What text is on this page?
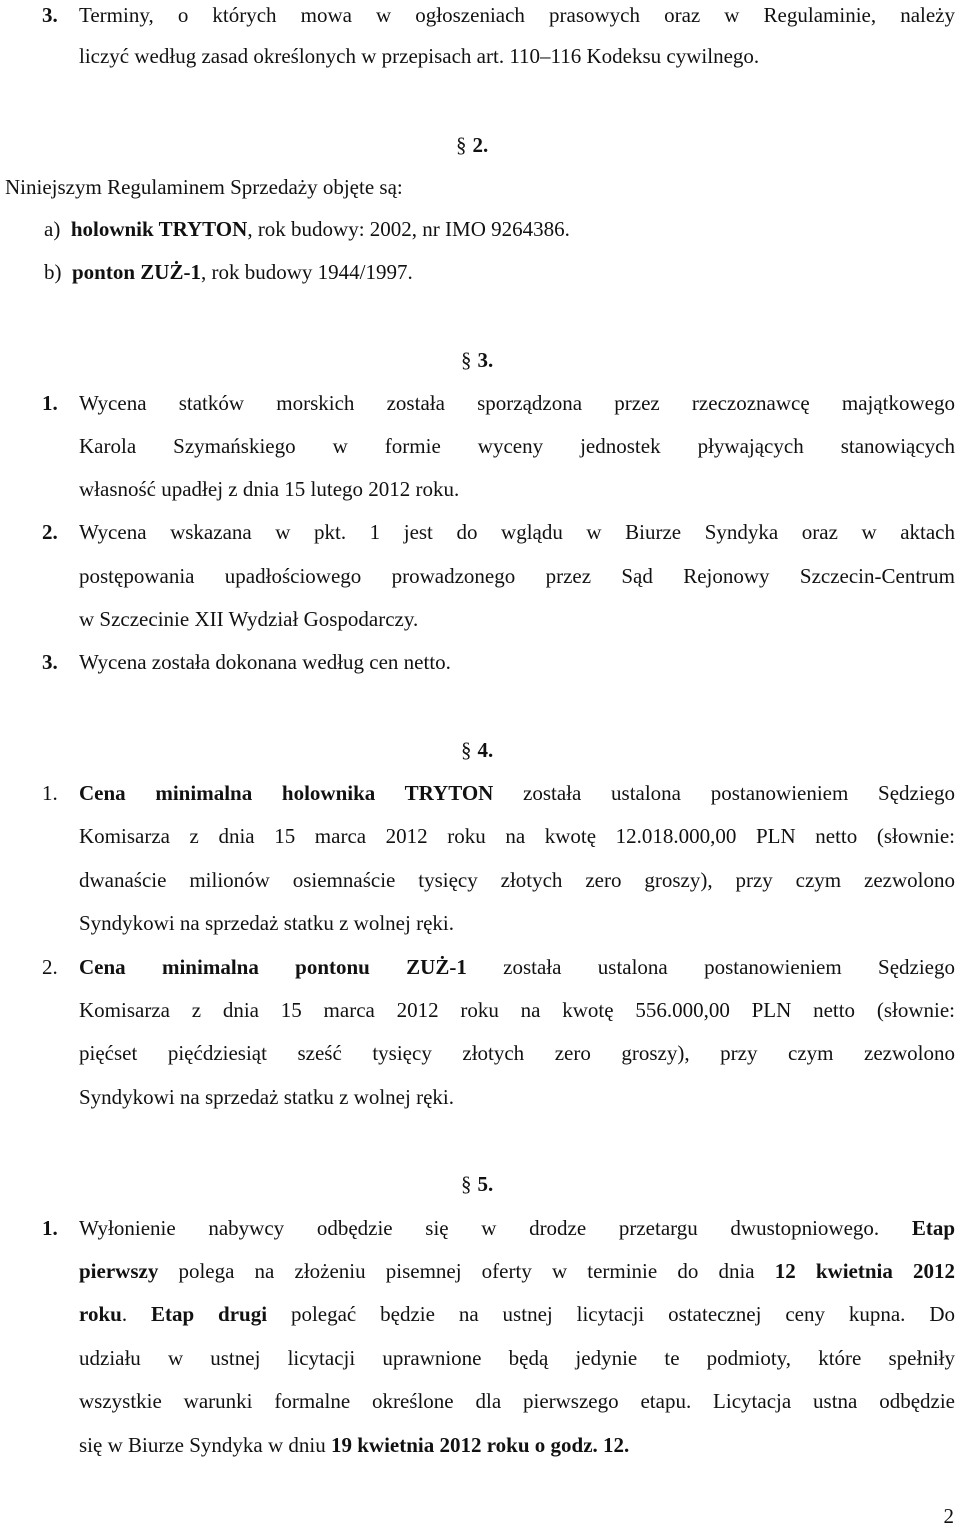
3. Terminy, o których mowa w ogłoszeniach prasowych oraz w Regulaminie, należy
liczyć według zasad określonych w przepisach art. 110–116 Kodeksu cywilnego.
§ 2.
Niniejszym Regulaminem Sprzedaży objęte są:
a) holownik TRYTON, rok budowy: 2002, nr IMO 9264386.
b) ponton ZUŻ-1, rok budowy 1944/1997.
§ 3.
1. Wycena statków morskich została sporządzona przez rzeczoznawcę majątkowego
Karola Szymańskiego w formie wyceny jednostek pływających stanowiących
własność upadłej z dnia 15 lutego 2012 roku.
2. Wycena wskazana w pkt. 1 jest do wglądu w Biurze Syndyka oraz w aktach
postępowania upadłościowego prowadzonego przez Sąd Rejonowy Szczecin-Centrum
w Szczecinie XII Wydział Gospodarczy.
3. Wycena została dokonana według cen netto.
§ 4.
1. Cena minimalna holownika TRYTON została ustalona postanowieniem Sędziego
Komisarza z dnia 15 marca 2012 roku na kwotę 12.018.000,00 PLN netto (słownie:
dwanaście milionów osiemnaście tysięcy złotych zero groszy), przy czym zezwolono
Syndykowi na sprzedaż statku z wolnej ręki.
2. Cena minimalna pontonu ZUŻ-1 została ustalona postanowieniem Sędziego
Komisarza z dnia 15 marca 2012 roku na kwotę 556.000,00 PLN netto (słownie:
pięćset pięćdziesiąt sześć tysięcy złotych zero groszy), przy czym zezwolono
Syndykowi na sprzedaż statku z wolnej ręki.
§ 5.
1. Wyłonienie nabywcy odbędzie się w drodze przetargu dwustopniowego. Etap
pierwszy polega na złożeniu pisemnej oferty w terminie do dnia 12 kwietnia 2012
roku. Etap drugi polegać będzie na ustnej licytacji ostatecznej ceny kupna. Do
udziału w ustnej licytacji uprawnione będą jedynie te podmioty, które spełniły
wszystkie warunki formalne określone dla pierwszego etapu. Licytacja ustna odbędzie
się w Biurze Syndyka w dniu 19 kwietnia 2012 roku o godz. 12.
2
